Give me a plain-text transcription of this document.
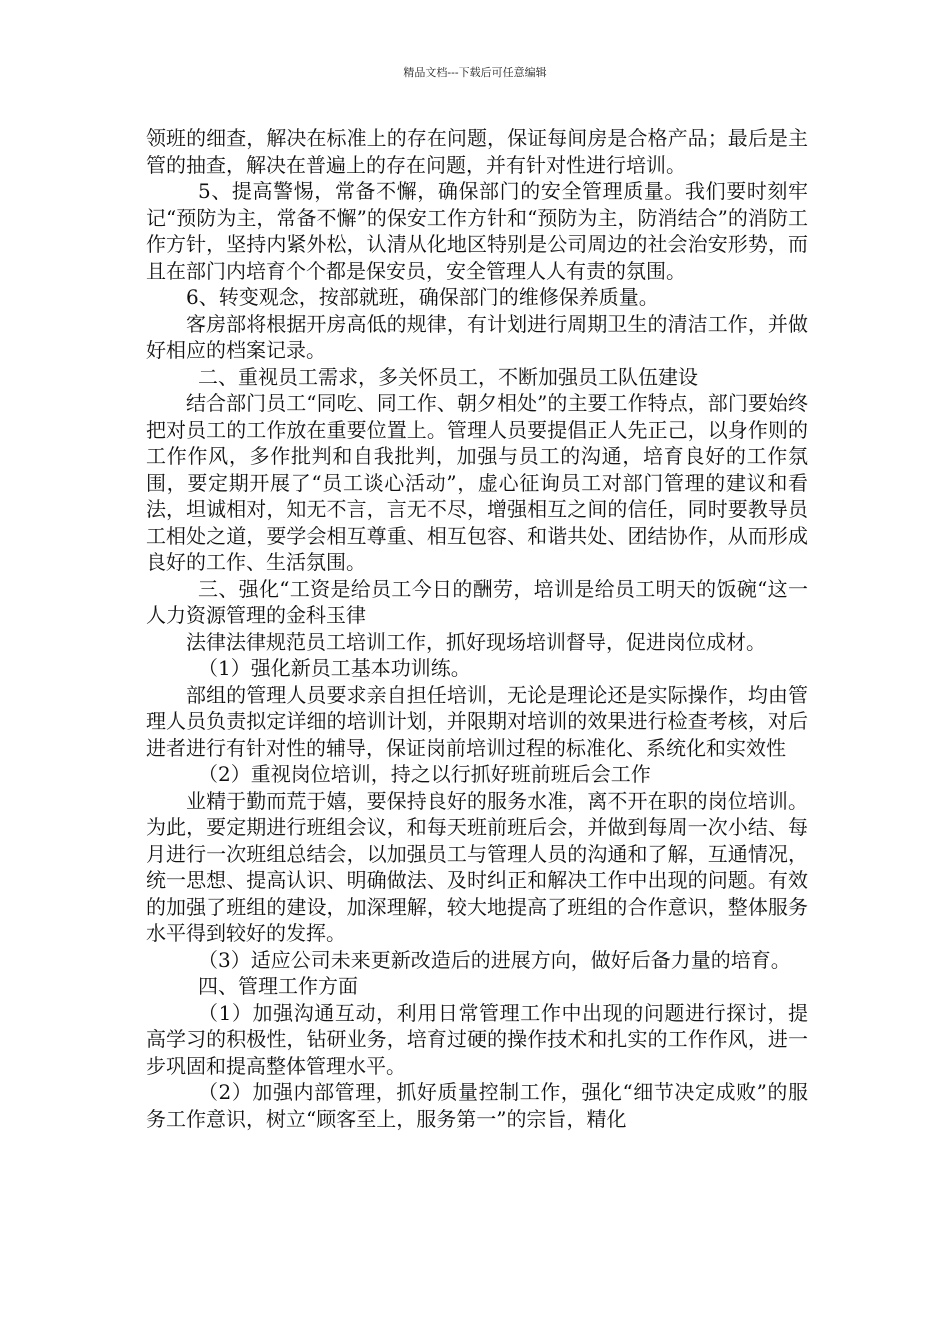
精品文档---下载后可任意编辑

领班的细查，解决在标准上的存在问题，保证每间房是合格产品；最后是主管的抽查，解决在普遍上的存在问题，并有针对性进行培训。

5、提高警惕，常备不懈，确保部门的安全管理质量。我们要时刻牢记“预防为主，常备不懈”的保安工作方针和“预防为主，防消结合”的消防工作方针，坚持内紧外松，认清从化地区特别是公司周边的社会治安形势，而且在部门内培育个个都是保安员，安全管理人人有责的氛围。

6、转变观念，按部就班，确保部门的维修保养质量。

客房部将根据开房高低的规律，有计划进行周期卫生的清洁工作，并做好相应的档案记录。

二、重视员工需求，多关怀员工，不断加强员工队伍建设

结合部门员工“同吃、同工作、朝夕相处”的主要工作特点，部门要始终把对员工的工作放在重要位置上。管理人员要提倡正人先正己，以身作则的工作作风，多作批判和自我批判，加强与员工的沟通，培育良好的工作氛围，要定期开展了“员工谈心活动”，虚心征询员工对部门管理的建议和看法，坦诚相对，知无不言，言无不尽，增强相互之间的信任，同时要教导员工相处之道，要学会相互尊重、相互包容、和谐共处、团结协作，从而形成良好的工作、生活氛围。

三、强化“工资是给员工今日的酬劳，培训是给员工明天的饭碗“这一人力资源管理的金科玉律

法律法律规范员工培训工作，抓好现场培训督导，促进岗位成材。

（1）强化新员工基本功训练。

部组的管理人员要求亲自担任培训，无论是理论还是实际操作，均由管理人员负责拟定详细的培训计划，并限期对培训的效果进行检查考核，对后进者进行有针对性的辅导，保证岗前培训过程的标准化、系统化和实效性

（2）重视岗位培训，持之以行抓好班前班后会工作

业精于勤而荒于嬉，要保持良好的服务水准，离不开在职的岗位培训。为此，要定期进行班组会议，和每天班前班后会，并做到每周一次小结、每月进行一次班组总结会，以加强员工与管理人员的沟通和了解，互通情况，统一思想、提高认识、明确做法、及时纠正和解决工作中出现的问题。有效的加强了班组的建设，加深理解，较大地提高了班组的合作意识，整体服务水平得到较好的发挥。

（3）适应公司未来更新改造后的进展方向，做好后备力量的培育。

四、管理工作方面

（1）加强沟通互动，利用日常管理工作中出现的问题进行探讨，提高学习的积极性，钻研业务，培育过硬的操作技术和扎实的工作作风，进一步巩固和提高整体管理水平。

（2）加强内部管理，抓好质量控制工作，强化“细节决定成败”的服务工作意识，树立“顾客至上，服务第一”的宗旨，精化
